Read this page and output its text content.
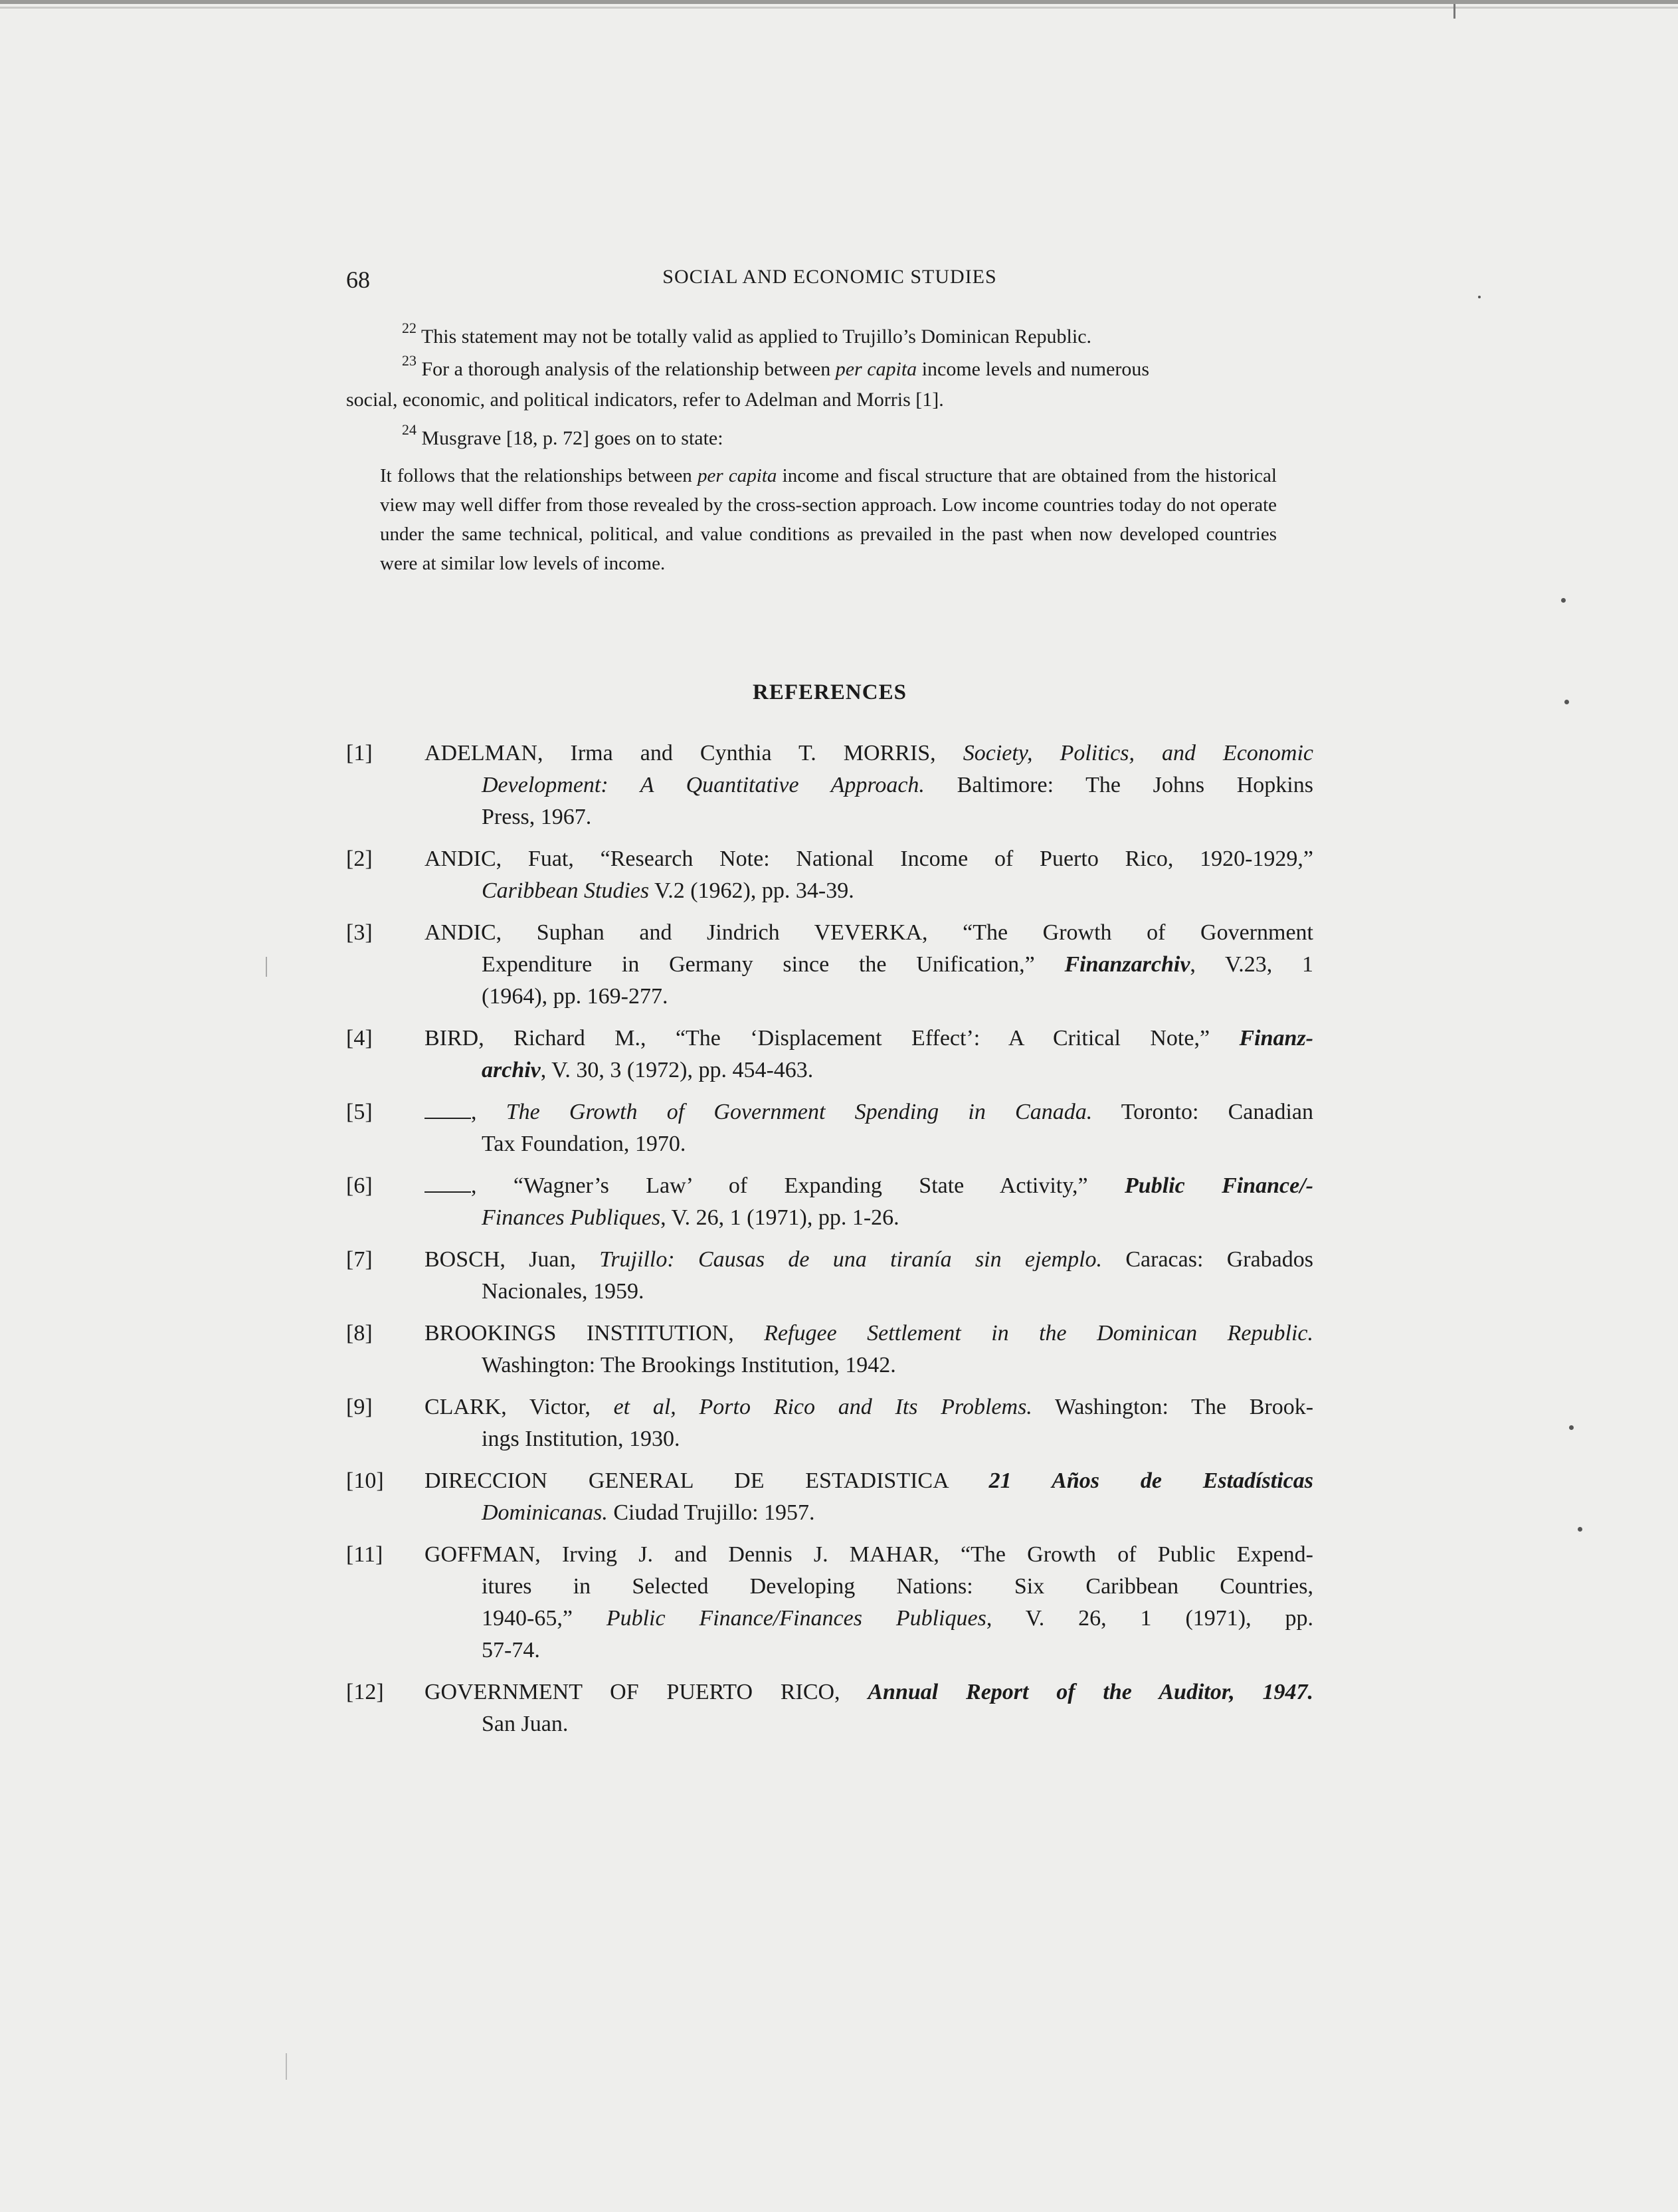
68	SOCIAL AND ECONOMIC STUDIES
$^{22}$ This statement may not be totally valid as applied to Trujillo’s Dominican Republic.
$^{23}$ For a thorough analysis of the relationship between per capita income levels and numerous
social, economic, and political indicators, refer to Adelman and Morris [1].
$^{24}$ Musgrave [18, p. 72] goes on to state:
It follows that the relationships between per capita income and fiscal structure that are obtained from the historical view may well differ from those revealed by the cross-section approach. Low income countries today do not operate under the same technical, political, and value conditions as prevailed in the past when now developed countries were at similar low levels of income.
REFERENCES
[1] ADELMAN, Irma and Cynthia T. MORRIS, Society, Politics, and Economic
Development: A Quantitative Approach. Baltimore: The Johns Hopkins
Press, 1967.
[2] ANDIC, Fuat, “Research Note: National Income of Puerto Rico, 1920-1929,”
Caribbean Studies V.2 (1962), pp. 34-39.
[3] ANDIC, Suphan and Jindrich VEVERKA, “The Growth of Government
Expenditure in Germany since the Unification,” Finanzarchiv, V.23, 1
(1964), pp. 169-277.
[4] BIRD, Richard M., “The ‘Displacement Effect’: A Critical Note,” Finanz-
archiv, V. 30, 3 (1972), pp. 454-463.
[5]	, The Growth of Government Spending in Canada. Toronto: Canadian
Tax Foundation, 1970.
[6]	, “Wagner’s Law’ of Expanding State Activity,” Public Finance/-
Finances Publiques, V. 26, 1 (1971), pp. 1-26.
[7] BOSCH, Juan, Trujillo: Causas de una tiranía sin ejemplo. Caracas: Grabados
Nacionales, 1959.
[8] BROOKINGS INSTITUTION, Refugee Settlement in the Dominican Republic.
Washington: The Brookings Institution, 1942.
[9] CLARK, Victor, et al, Porto Rico and Its Problems. Washington: The Brook-
ings Institution, 1930.
[10] DIRECCION GENERAL DE ESTADISTICA 21 Años de Estadísticas
Dominicanas. Ciudad Trujillo: 1957.
[11] GOFFMAN, Irving J. and Dennis J. MAHAR, “The Growth of Public Expend-
itures in Selected Developing Nations: Six Caribbean Countries,
1940-65,” Public Finance/Finances Publiques, V. 26, 1 (1971), pp.
57-74.
[12] GOVERNMENT OF PUERTO RICO, Annual Report of the Auditor, 1947.
San Juan.
